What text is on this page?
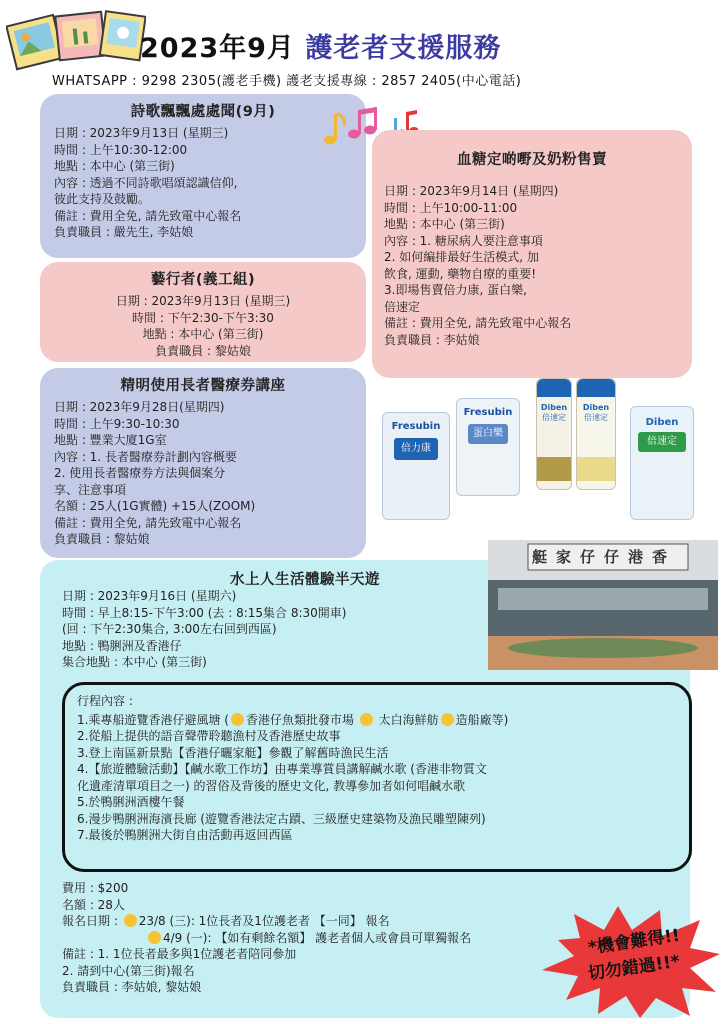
2023年9月 護老者支援服務
WHATSAPP : 9298 2305(護老手機) 護老支援專線 : 2857 2405(中心電話)
詩歌飄飄處處聞(9月)
日期 : 2023年9月13日 (星期三)
時間 : 上午10:30-12:00
地點 : 本中心 (第三街)
內容 : 透過不同詩歌唱頌認識信仰,
彼此支持及鼓勵。
備註 : 費用全免, 請先致電中心報名
負責職員 : 嚴先生, 李姑娘
藝行者(義工組)
日期 : 2023年9月13日 (星期三)
時間 : 下午2:30-下午3:30
地點 : 本中心 (第三街)
負責職員 : 黎姑娘
精明使用長者醫療券講座
日期 : 2023年9月28日(星期四)
時間 : 上午9:30-10:30
地點 : 豐業大廈1G室
內容 : 1. 長者醫療券計劃內容概要
2. 使用長者醫療券方法與個案分
享、注意事項
名額 : 25人(1G實體) +15人(ZOOM)
備註 : 費用全免, 請先致電中心報名
負責職員 : 黎姑娘
血糖定啲嘢及奶粉售賣
日期 : 2023年9月14日 (星期四)
時間 : 上午10:00-11:00
地點 : 本中心 (第三街)
內容 : 1. 糖尿病人要注意事項
2. 如何編排最好生活模式, 加
飲食, 運動, 藥物自療的重要!
3.即場售賣倍力康, 蛋白樂,
倍速定
備註 : 費用全免, 請先致電中心報名
負責職員 : 李姑娘
Fresubin
倍力康
Fresubin
蛋白樂
Diben
倍速定
Diben
倍速定	Diben
倍速定
艇家仔仔港香
水上人生活體驗半天遊
日期 : 2023年9月16日 (星期六)
時間 : 早上8:15-下午3:00 (去 : 8:15集合 8:30開車)
(回 : 下午2:30集合, 3:00左右回到西區)
地點 : 鴨脷洲及香港仔
集合地點 : 本中心 (第三街)
行程內容 :
1.乘專船遊覽香港仔避風塘 ( 香港仔魚類批發市場  太白海鮮舫 造船廠等)
2.從船上提供的語音聲帶聆聽漁村及香港歷史故事
3.登上南區新景點【香港仔曬家艇】參觀了解舊時漁民生活
4.【旅遊體驗活動】【鹹水歌工作坊】由專業導賞員講解鹹水歌 (香港非物質文
化遺產清單項目之一) 的習俗及背後的歷史文化, 教導參加者如何唱鹹水歌
5.於鴨脷洲酒樓午餐
6.漫步鴨脷洲海濱長廊 (遊覽香港法定古蹟、三級歷史建築物及漁民雕塑陳列)
7.最後於鴨脷洲大街自由活動再返回西區
費用 : $200
名額 : 28人
報名日期 : 23/8 (三): 1位長者及1位護老者 【一同】 報名
4/9 (一): 【如有剩餘名額】 護老者個人或會員可單獨報名
備註 : 1. 1位長者最多與1位護老者陪同參加
2. 請到中心(第三街)報名
負責職員 : 李姑娘, 黎姑娘
*機會難得!!
切勿錯過!!*
